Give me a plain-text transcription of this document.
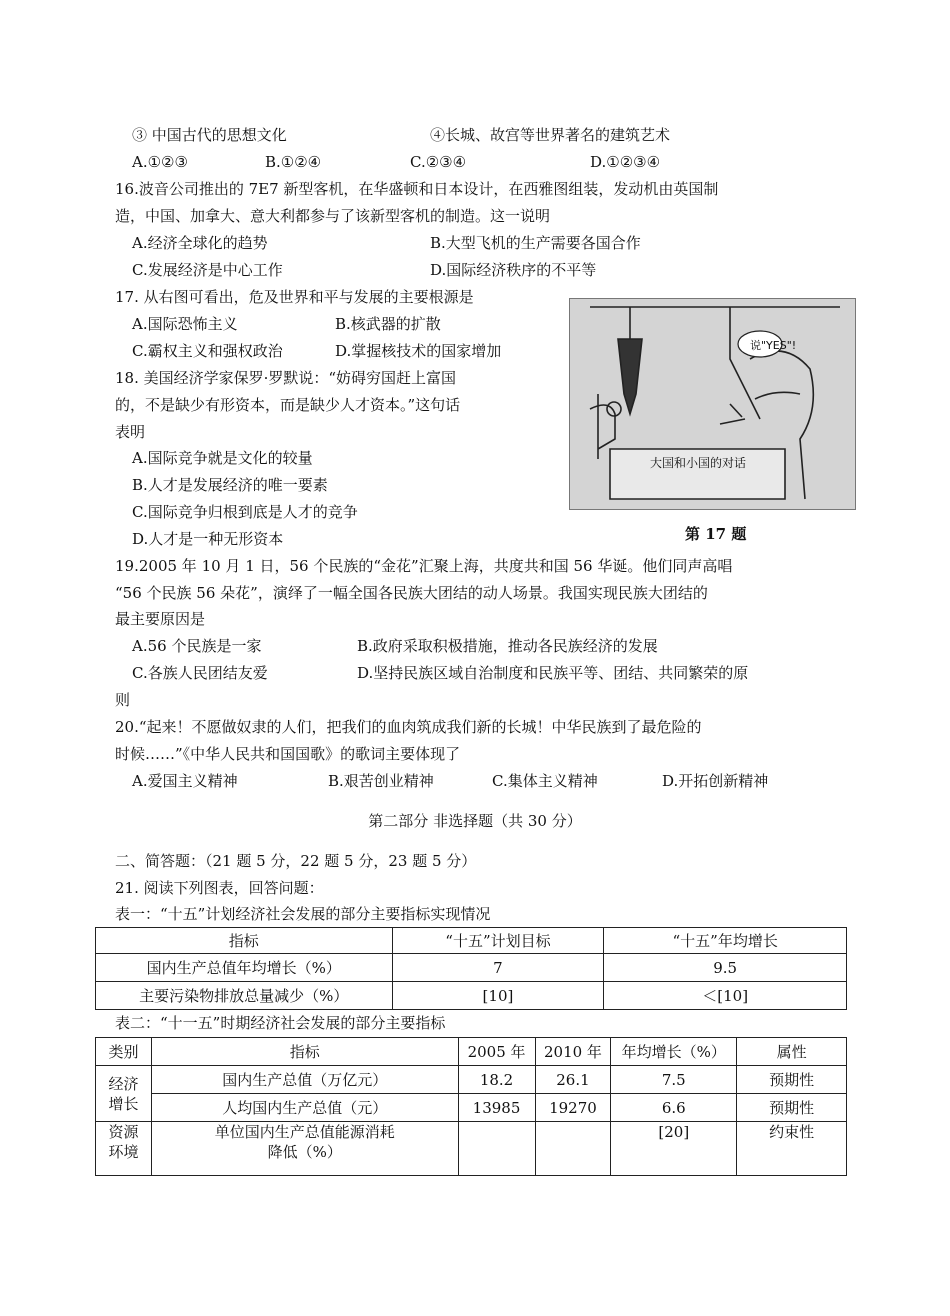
③ 中国古代的思想文化	④长城、故宫等世界著名的建筑艺术
A.①②③	B.①②④	C.②③④	D.①②③④
16.波音公司推出的 7E7 新型客机，在华盛顿和日本设计，在西雅图组装，发动机由英国制
造，中国、加拿大、意大利都参与了该新型客机的制造。这一说明
A.经济全球化的趋势	B.大型飞机的生产需要各国合作
C.发展经济是中心工作	D.国际经济秩序的不平等
17. 从右图可看出，危及世界和平与发展的主要根源是
A.国际恐怖主义	B.核武器的扩散
C.霸权主义和强权政治	D.掌握核技术的国家增加	说"YES"!
大国和小国的对话
第 17 题
18. 美国经济学家保罗·罗默说：“妨碍穷国赶上富国
的，不是缺少有形资本，而是缺少人才资本。”这句话
表明
A.国际竞争就是文化的较量
B.人才是发展经济的唯一要素
C.国际竞争归根到底是人才的竞争
D.人才是一种无形资本
19.2005 年 10 月 1 日，56 个民族的“金花”汇聚上海，共度共和国 56 华诞。他们同声高唱
“56 个民族 56 朵花”，演绎了一幅全国各民族大团结的动人场景。我国实现民族大团结的
最主要原因是
A.56 个民族是一家	B.政府采取积极措施，推动各民族经济的发展
C.各族人民团结友爱	D.坚持民族区域自治制度和民族平等、团结、共同繁荣的原
则
20.“起来！不愿做奴隶的人们，把我们的血肉筑成我们新的长城！中华民族到了最危险的
时候……”《中华人民共和国国歌》的歌词主要体现了
A.爱国主义精神	B.艰苦创业精神	C.集体主义精神	D.开拓创新精神
第二部分 非选择题（共 30 分）
二、简答题：（21 题 5 分，22 题 5 分，23 题 5 分）
21. 阅读下列图表，回答问题：
表一：“十五”计划经济社会发展的部分主要指标实现情况
指标	“十五”计划目标	“十五”年均增长
国内生产总值年均增长（%）	7	9.5
主要污染物排放总量减少（%）	[10]	＜[10]
表二：“十一五”时期经济社会发展的部分主要指标
类别	指标	2005 年	2010 年	年均增长（%）	属性
经济增长	国内生产总值（万亿元）	18.2	26.1	7.5	预期性
	人均国内生产总值（元）	13985	19270	6.6	预期性
资源环境	单位国内生产总值能源消耗降低（%）			[20]	约束性
